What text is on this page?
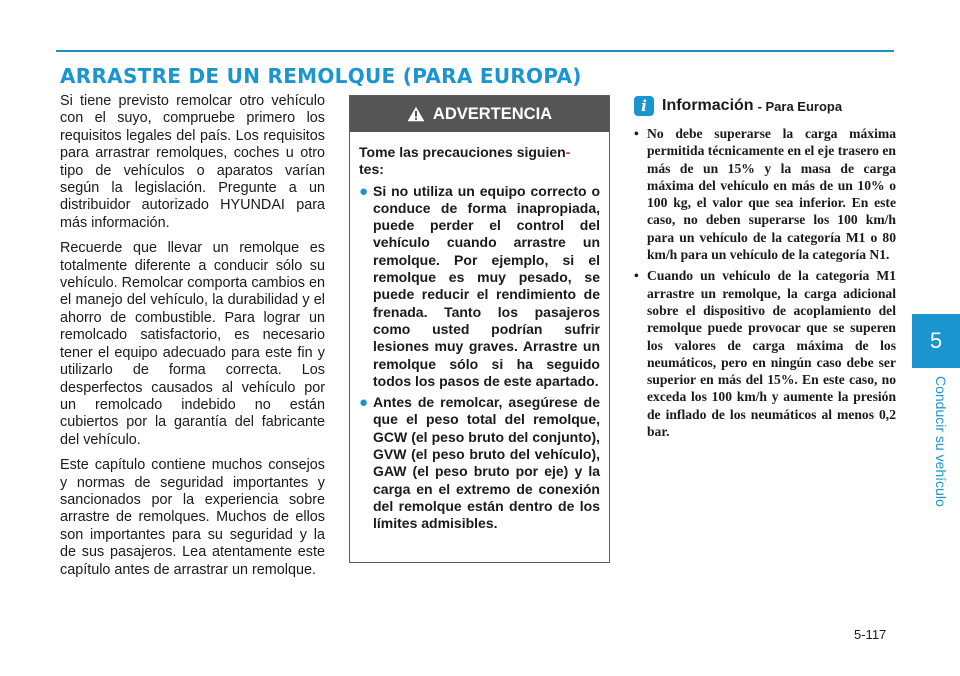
ARRASTRE DE UN REMOLQUE (PARA EUROPA)

Si tiene previsto remolcar otro vehículo con el suyo, compruebe primero los requisitos legales del país. Los requisitos para arrastrar remolques, coches u otro tipo de vehículos o aparatos varían según la legislación. Pregunte a un distribuidor autorizado HYUNDAI para más información.

Recuerde que llevar un remolque es totalmente diferente a conducir sólo su vehículo. Remolcar comporta cambios en el manejo del vehículo, la durabilidad y el ahorro de combustible. Para lograr un remolcado satisfactorio, es necesario tener el equipo adecuado para este fin y utilizarlo de forma correcta. Los desperfectos causados al vehículo por un remolcado indebido no están cubiertos por la garantía del fabricante del vehículo.

Este capítulo contiene muchos consejos y normas de seguridad importantes y sancionados por la experiencia sobre arrastre de remolques. Muchos de ellos son importantes para su seguridad y la de sus pasajeros. Lea atentamente este capítulo antes de arrastrar un remolque.

ADVERTENCIA
Tome las precauciones siguien-
tes:
● Si no utiliza un equipo correcto o conduce de forma inapropiada, puede perder el control del vehículo cuando arrastre un remolque. Por ejemplo, si el remolque es muy pesado, se puede reducir el rendimiento de frenada. Tanto los pasajeros como usted podrían sufrir lesiones muy graves. Arrastre un remolque sólo si ha seguido todos los pasos de este apartado.
● Antes de remolcar, asegúrese de que el peso total del remolque, GCW (el peso bruto del conjunto), GVW (el peso bruto del vehículo), GAW (el peso bruto por eje) y la carga en el extremo de conexión del remolque están dentro de los límites admisibles.
i Información - Para Europa
• No debe superarse la carga máxima permitida técnicamente en el eje trasero en más de un 15% y la masa de carga máxima del vehículo en más de un 10% o 100 kg, el valor que sea inferior. En este caso, no deben superarse los 100 km/h para un vehículo de la categoría M1 o 80 km/h para un vehículo de la categoría N1.
• Cuando un vehículo de la categoría M1 arrastre un remolque, la carga adicional sobre el dispositivo de acoplamiento del remolque puede provocar que se superen los valores de carga máxima de los neumáticos, pero en ningún caso debe ser superior en más del 15%. En este caso, no exceda los 100 km/h y aumente la presión de inflado de los neumáticos al menos 0,2 bar.
5
Conducir su vehículo
5-117
